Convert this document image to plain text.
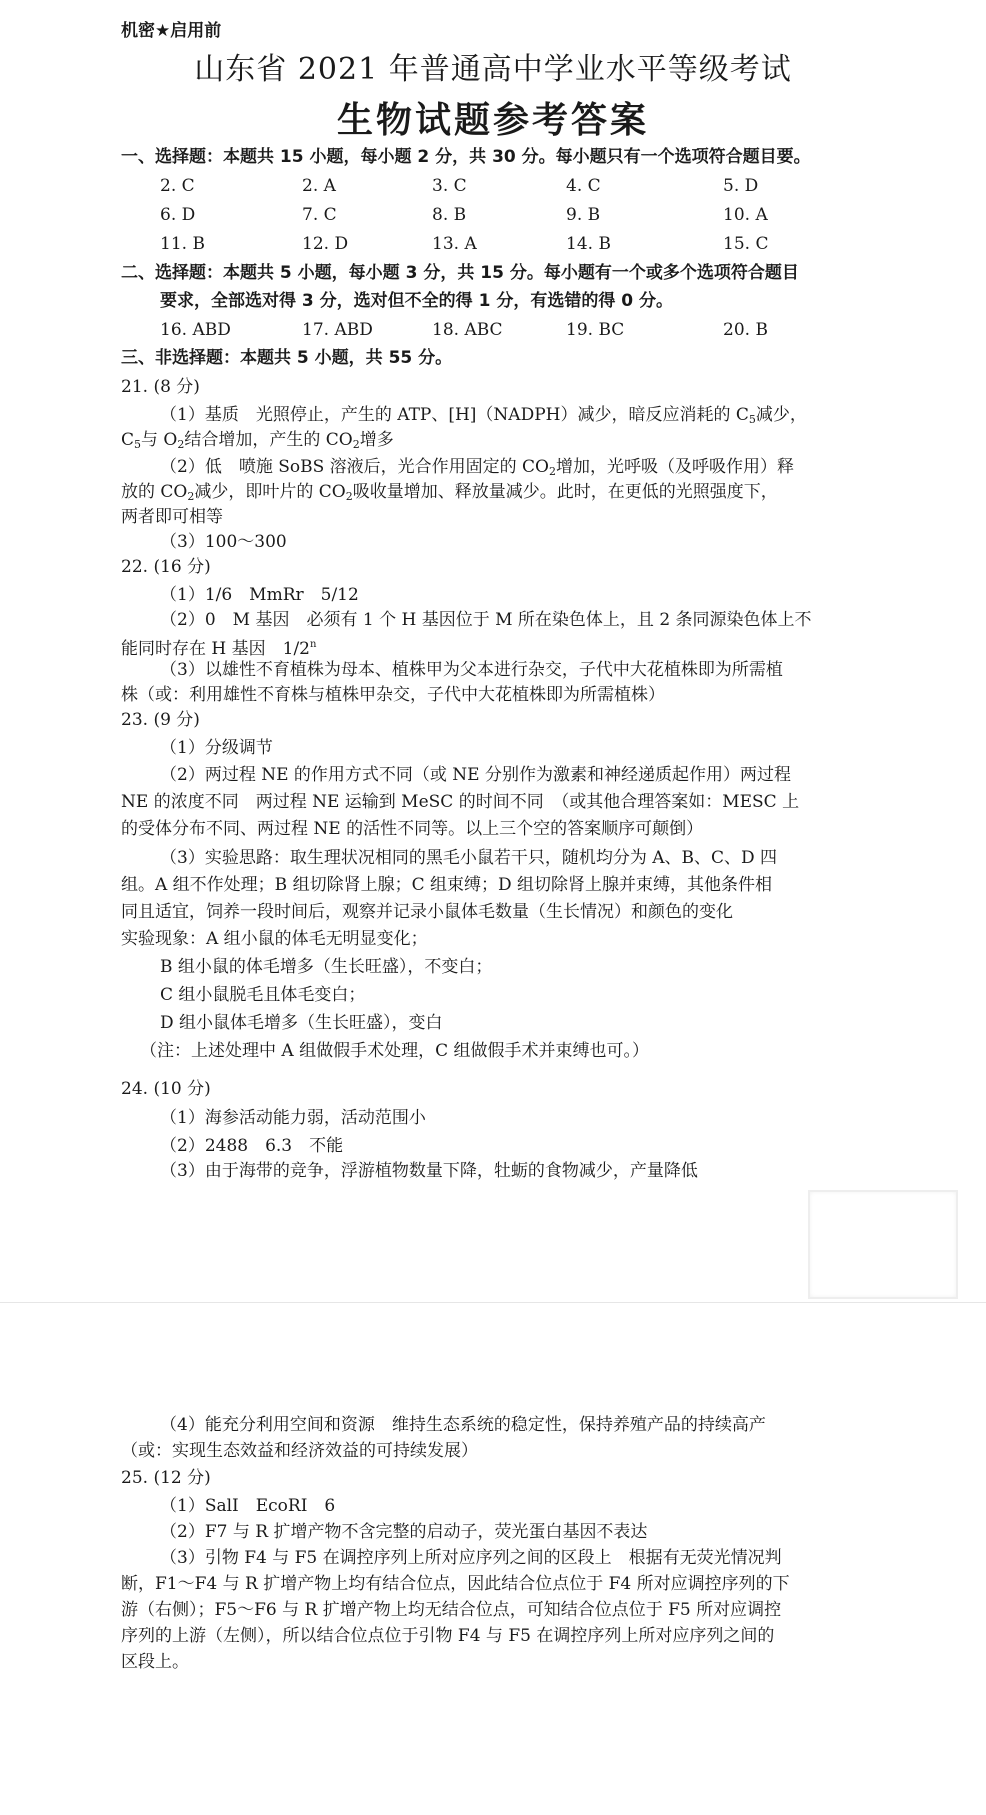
机密★启用前
山东省 2021 年普通高中学业水平等级考试
生物试题参考答案
一、选择题：本题共 15 小题，每小题 2 分，共 30 分。每小题只有一个选项符合题目要。
2. C	2. A	3. C	4. C	5. D
6. D	7. C	8. B	9. B	10. A
11. B	12. D	13. A	14. B	15. C
二、选择题：本题共 5 小题，每小题 3 分，共 15 分。每小题有一个或多个选项符合题目
要求，全部选对得 3 分，选对但不全的得 1 分，有选错的得 0 分。
16. ABD	17. ABD	18. ABC	19. BC	20. B
三、非选择题：本题共 5 小题，共 55 分。
21. (8 分)
（1）基质　光照停止，产生的 ATP、[H]（NADPH）减少，暗反应消耗的 $C_5$减少，
$C_5$与 $O_2$结合增加，产生的 $CO_2$增多
（2）低　喷施 SoBS 溶液后，光合作用固定的 $CO_2$增加，光呼吸（及呼吸作用）释
放的 $CO_2$减少，即叶片的 $CO_2$吸收量增加、释放量减少。此时，在更低的光照强度下，
两者即可相等
（3）100～300
22. (16 分)
（1）1/6　MmRr　5/12
（2）0　M 基因　必须有 1 个 H 基因位于 M 所在染色体上，且 2 条同源染色体上不
能同时存在 H 基因　1/2$^n$
（3）以雄性不育植株为母本、植株甲为父本进行杂交，子代中大花植株即为所需植
株（或：利用雄性不育株与植株甲杂交，子代中大花植株即为所需植株）
23. (9 分)
（1）分级调节
（2）两过程 NE 的作用方式不同（或 NE 分别作为激素和神经递质起作用）两过程
NE 的浓度不同　两过程 NE 运输到 MeSC 的时间不同　（或其他合理答案如：MESC 上
的受体分布不同、两过程 NE 的活性不同等。以上三个空的答案顺序可颠倒）
（3）实验思路：取生理状况相同的黑毛小鼠若干只，随机均分为 A、B、C、D 四
组。A 组不作处理；B 组切除肾上腺；C 组束缚；D 组切除肾上腺并束缚，其他条件相
同且适宜，饲养一段时间后，观察并记录小鼠体毛数量（生长情况）和颜色的变化
实验现象：A 组小鼠的体毛无明显变化；
B 组小鼠的体毛增多（生长旺盛），不变白；
C 组小鼠脱毛且体毛变白；
D 组小鼠体毛增多（生长旺盛），变白
（注：上述处理中 A 组做假手术处理，C 组做假手术并束缚也可。）
24. (10 分)
（1）海参活动能力弱，活动范围小
（2）2488　6.3　不能
（3）由于海带的竞争，浮游植物数量下降，牡蛎的食物减少，产量降低
（4）能充分利用空间和资源　维持生态系统的稳定性，保持养殖产品的持续高产
（或：实现生态效益和经济效益的可持续发展）
25. (12 分)
（1）SalI　EcoRI　6
（2）F7 与 R 扩增产物不含完整的启动子，荧光蛋白基因不表达
（3）引物 F4 与 F5 在调控序列上所对应序列之间的区段上　根据有无荧光情况判
断，F1～F4 与 R 扩增产物上均有结合位点，因此结合位点位于 F4 所对应调控序列的下
游（右侧）；F5～F6 与 R 扩增产物上均无结合位点，可知结合位点位于 F5 所对应调控
序列的上游（左侧），所以结合位点位于引物 F4 与 F5 在调控序列上所对应序列之间的
区段上。
